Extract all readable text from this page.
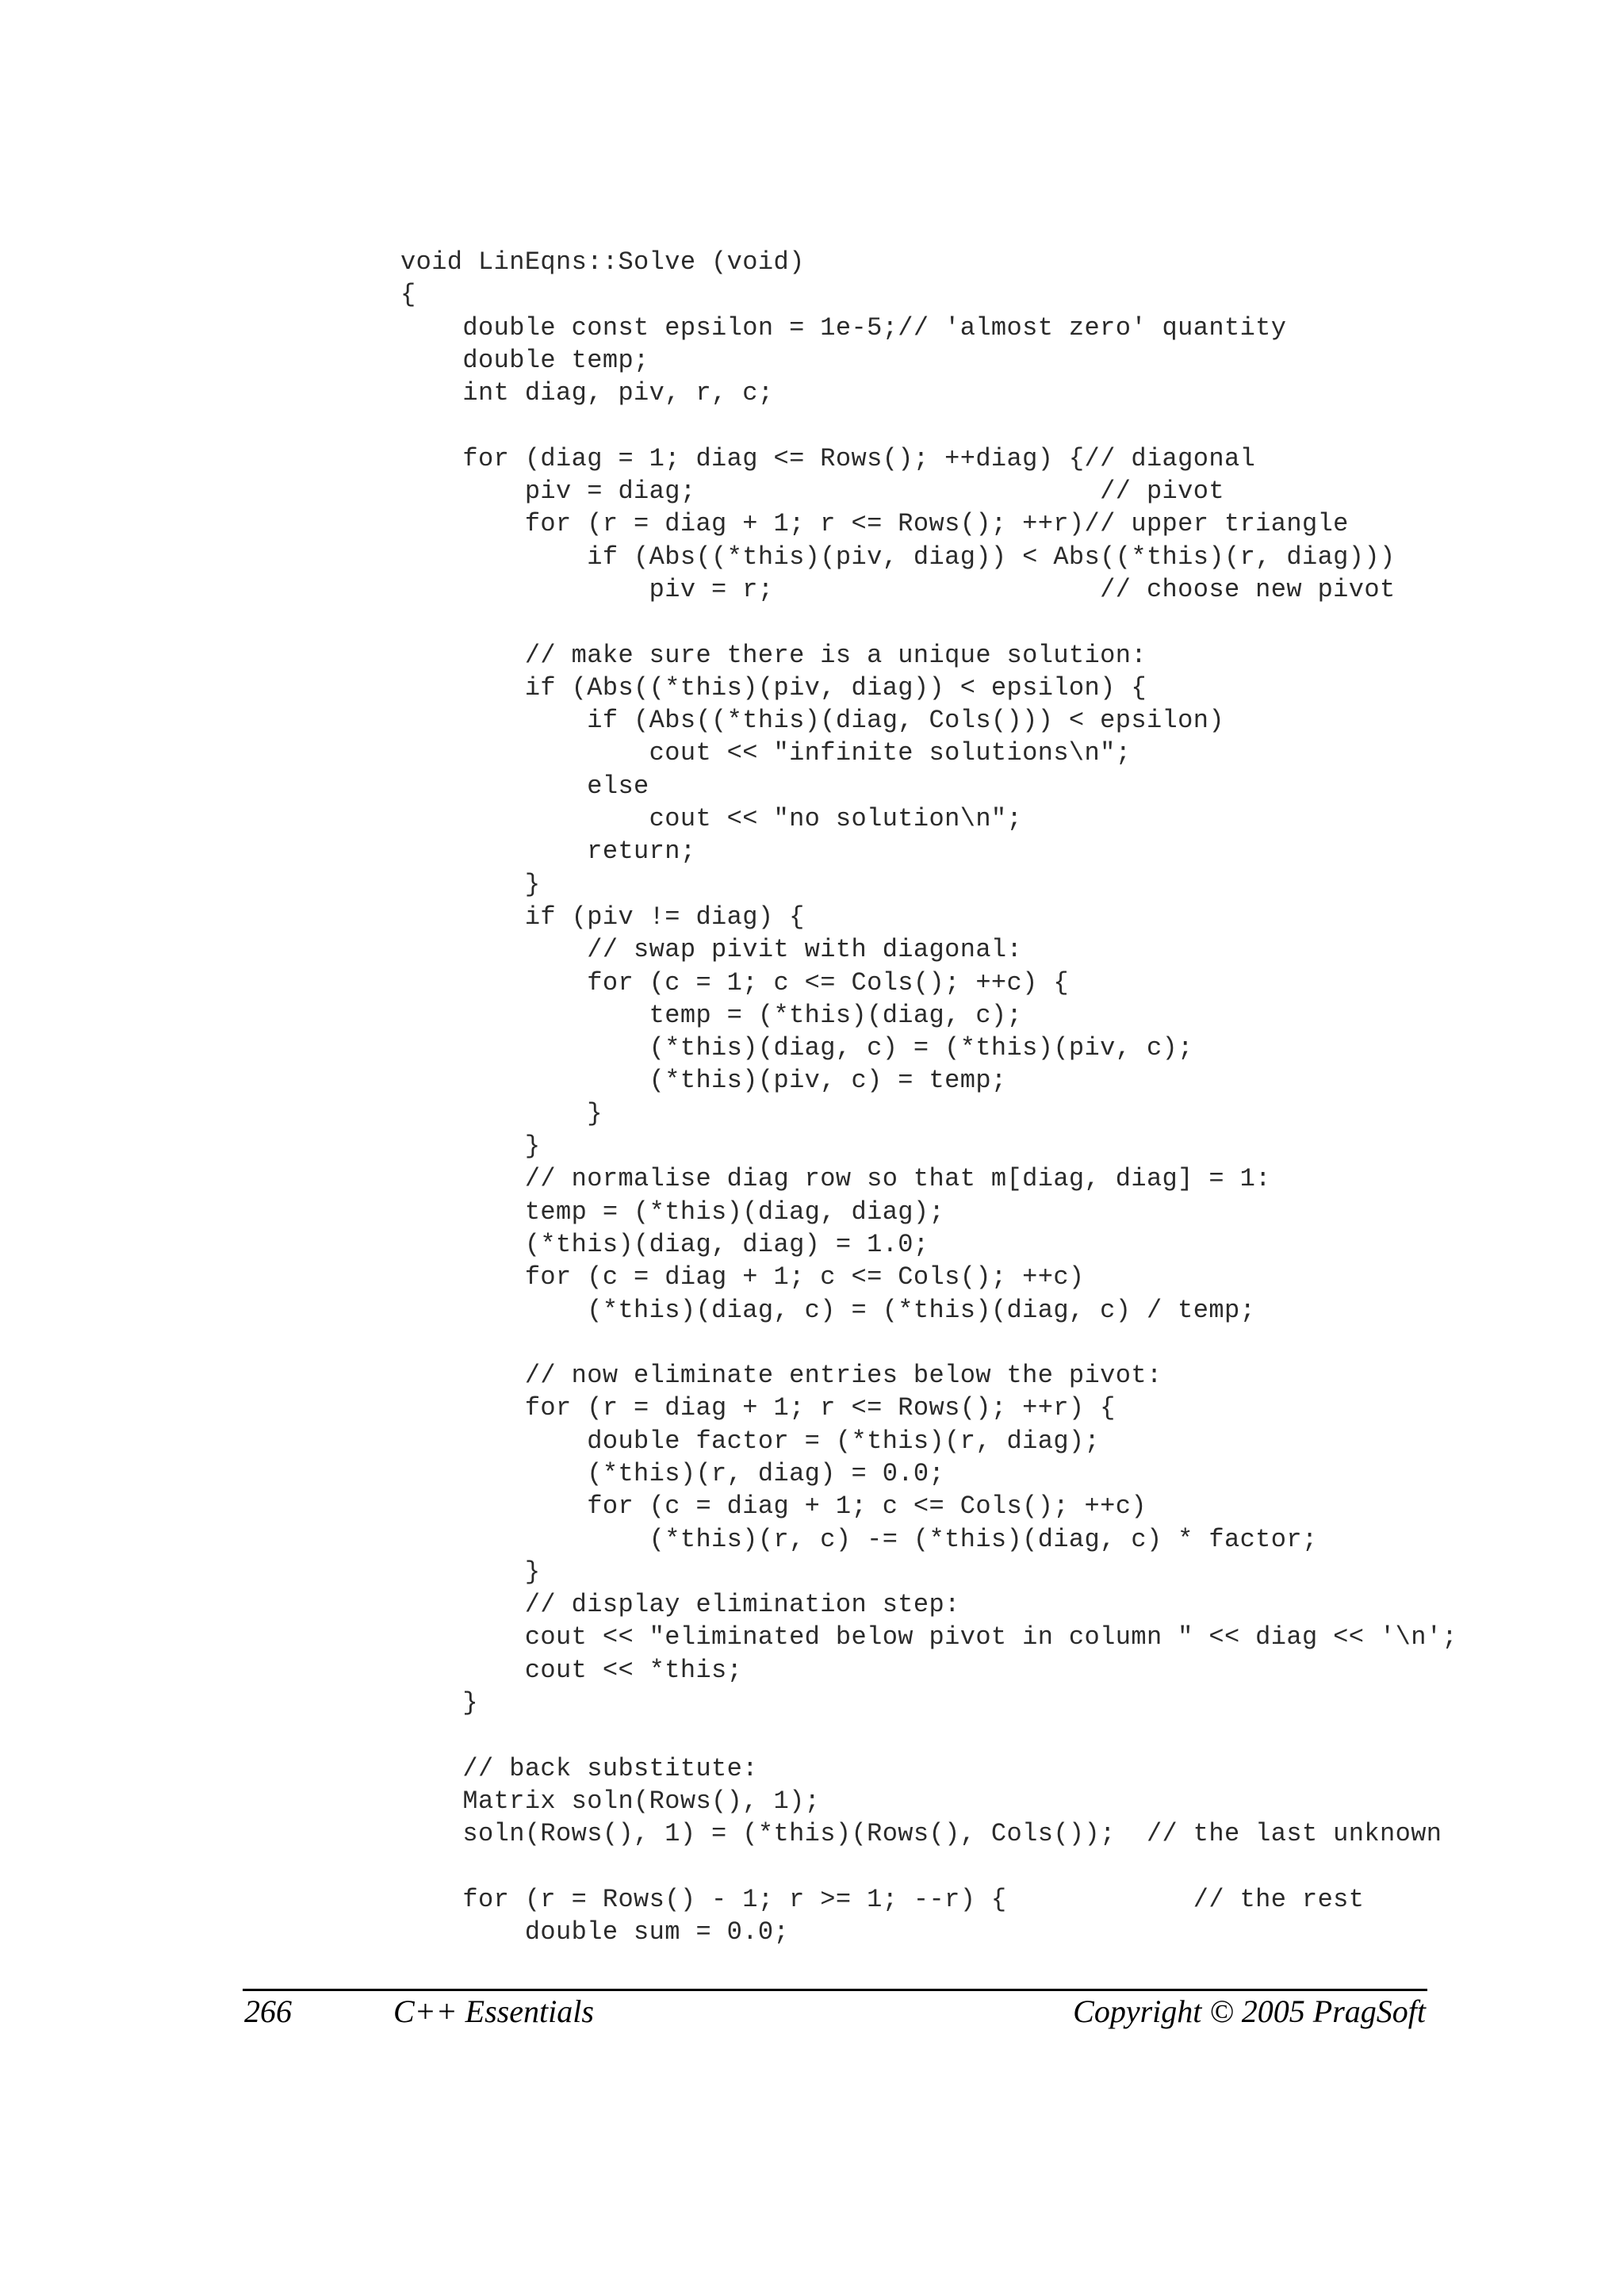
void LinEqns::Solve (void)
{
double const epsilon = 1e-5;// 'almost zero' quantity
double temp;
int diag, piv, r, c;
for (diag = 1; diag <= Rows(); ++diag) {// diagonal
piv = diag;                          // pivot
for (r = diag + 1; r <= Rows(); ++r)// upper triangle
if (Abs((*this)(piv, diag)) < Abs((*this)(r, diag)))
piv = r;                     // choose new pivot
// make sure there is a unique solution:
if (Abs((*this)(piv, diag)) < epsilon) {
if (Abs((*this)(diag, Cols())) < epsilon)
cout << "infinite solutions\n";
else
cout << "no solution\n";
return;
}
if (piv != diag) {
// swap pivit with diagonal:
for (c = 1; c <= Cols(); ++c) {
temp = (*this)(diag, c);
(*this)(diag, c) = (*this)(piv, c);
(*this)(piv, c) = temp;
}
}
// normalise diag row so that m[diag, diag] = 1:
temp = (*this)(diag, diag);
(*this)(diag, diag) = 1.0;
for (c = diag + 1; c <= Cols(); ++c)
(*this)(diag, c) = (*this)(diag, c) / temp;
// now eliminate entries below the pivot:
for (r = diag + 1; r <= Rows(); ++r) {
double factor = (*this)(r, diag);
(*this)(r, diag) = 0.0;
for (c = diag + 1; c <= Cols(); ++c)
(*this)(r, c) -= (*this)(diag, c) * factor;
}
// display elimination step:
cout << "eliminated below pivot in column " << diag << '\n';
cout << *this;
}
// back substitute:
Matrix soln(Rows(), 1);
soln(Rows(), 1) = (*this)(Rows(), Cols());  // the last unknown
for (r = Rows() - 1; r >= 1; --r) {            // the rest
double sum = 0.0;
266	C++ Essentials	Copyright © 2005 PragSoft
